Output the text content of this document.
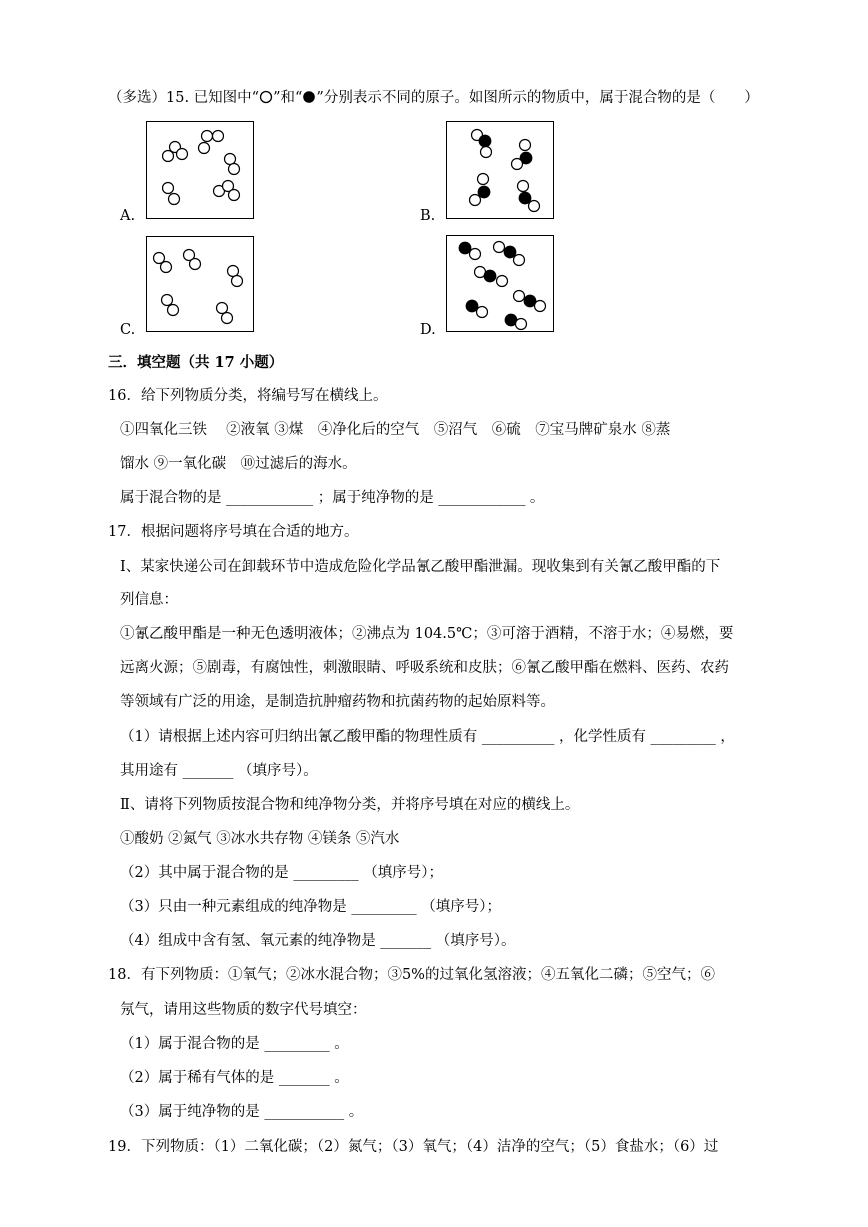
（多选）15. 已知图中“ ”和“ ”分别表示不同的原子。如图所示的物质中，属于混合物的是（　　）
A.	B.
C.	D.
三．填空题（共 17 小题）
16．给下列物质分类，将编号写在横线上。
①四氧化三铁　 ②液氧 ③煤　④净化后的空气　⑤沼气　⑥硫　⑦宝马牌矿泉水 ⑧蒸
馏水 ⑨一氧化碳　⑩过滤后的海水。
属于混合物的是 ____________ ；属于纯净物的是 ____________ 。
17．根据问题将序号填在合适的地方。
Ⅰ、某家快递公司在卸载环节中造成危险化学品氰乙酸甲酯泄漏。现收集到有关氰乙酸甲酯的下
列信息：
①氰乙酸甲酯是一种无色透明液体；②沸点为 104.5℃；③可溶于酒精，不溶于水；④易燃，要
远离火源；⑤剧毒，有腐蚀性，刺激眼睛、呼吸系统和皮肤；⑥氰乙酸甲酯在燃料、医药、农药
等领域有广泛的用途，是制造抗肿瘤药物和抗菌药物的起始原料等。
（1）请根据上述内容可归纳出氰乙酸甲酯的物理性质有 __________ ，化学性质有 _________ ，
其用途有 _______ （填序号）。
Ⅱ、请将下列物质按混合物和纯净物分类，并将序号填在对应的横线上。
①酸奶 ②氮气 ③冰水共存物 ④镁条 ⑤汽水
（2）其中属于混合物的是 _________ （填序号）；
（3）只由一种元素组成的纯净物是 _________ （填序号）；
（4）组成中含有氢、氧元素的纯净物是 _______ （填序号）。
18．有下列物质：①氧气；②冰水混合物；③5%的过氧化氢溶液；④五氧化二磷；⑤空气；⑥
氖气，请用这些物质的数字代号填空：
（1）属于混合物的是 _________ 。
（2）属于稀有气体的是 _______ 。
（3）属于纯净物的是 ___________ 。
19．下列物质：（1）二氧化碳；（2）氮气；（3）氧气；（4）洁净的空气；（5）食盐水；（6）过
